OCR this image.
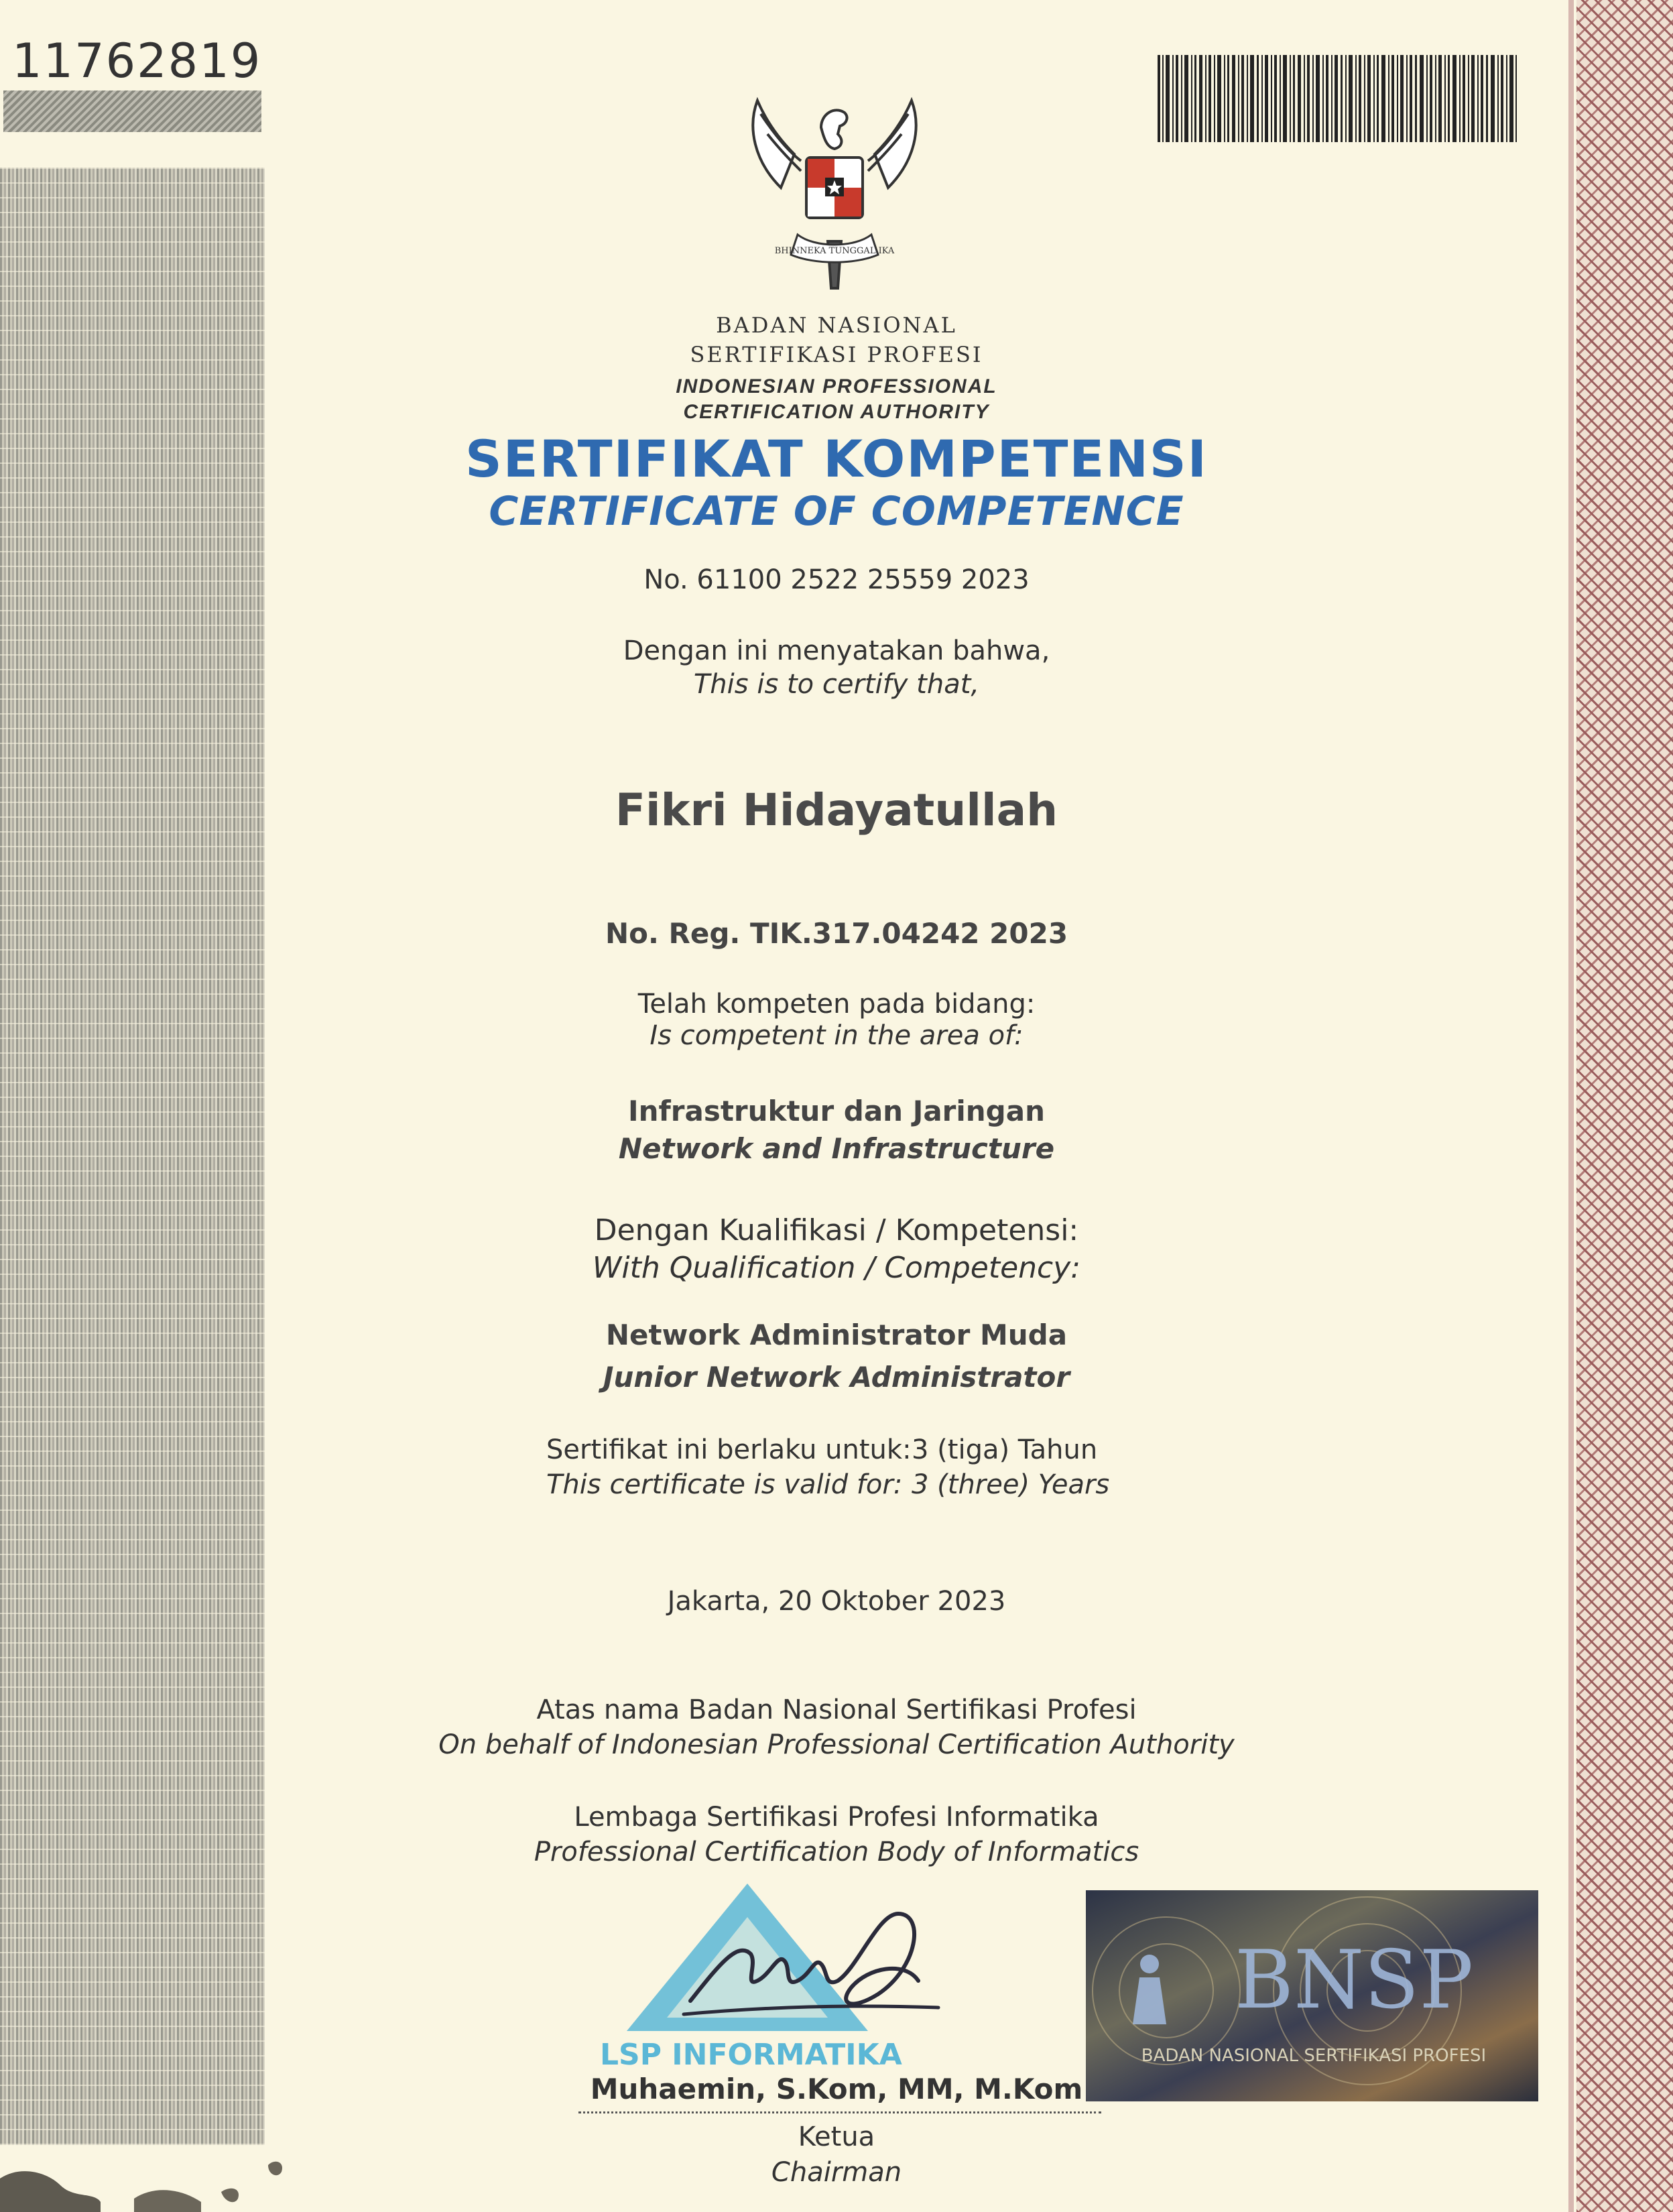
11762819
BHINNEKA TUNGGAL IKA
BADAN NASIONAL
SERTIFIKASI PROFESI
INDONESIAN PROFESSIONAL
CERTIFICATION AUTHORITY
SERTIFIKAT KOMPETENSI
CERTIFICATE OF COMPETENCE
No. 61100 2522 25559 2023
Dengan ini menyatakan bahwa,
This is to certify that,
Fikri Hidayatullah
No. Reg. TIK.317.04242 2023
Telah kompeten pada bidang:
Is competent in the area of:
Infrastruktur dan Jaringan
Network and Infrastructure
Dengan Kualifikasi / Kompetensi:
With Qualification / Competency:
Network Administrator Muda
Junior Network Administrator
Sertifikat ini berlaku untuk: 3 (tiga) Tahun
This certificate is valid for: 3 (three) Years
Jakarta, 20 Oktober 2023
Atas nama Badan Nasional Sertifikasi Profesi
On behalf of Indonesian Professional Certification Authority
Lembaga Sertifikasi Profesi Informatika
Professional Certification Body of Informatics
LSP INFORMATIKA
BNSP
BADAN NASIONAL SERTIFIKASI PROFESI
Muhaemin, S.Kom, MM, M.Kom
Ketua
Chairman
